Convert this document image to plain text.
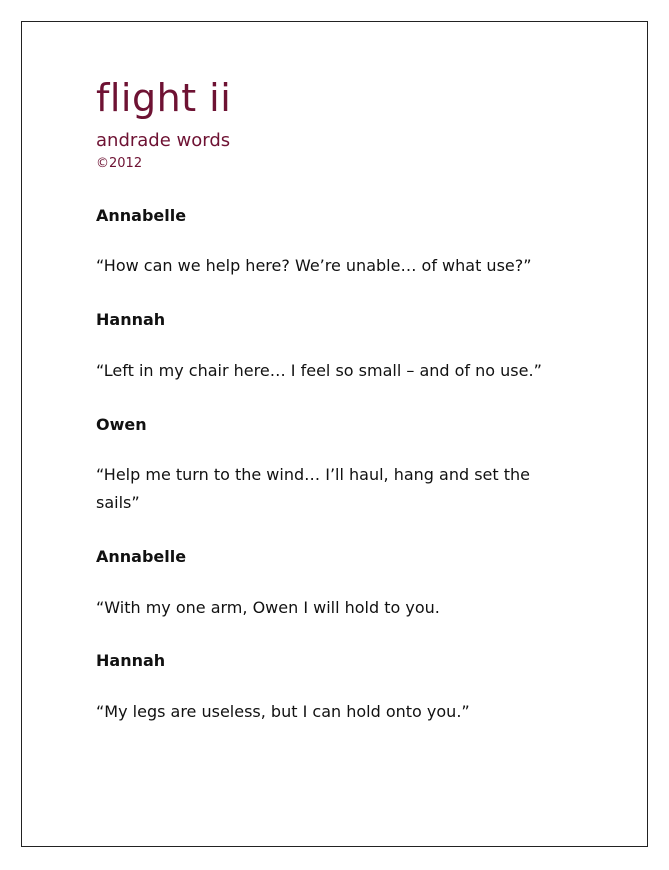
flight ii
andrade words
©2012
Annabelle
“How can we help here? We’re unable… of what use?”
Hannah
“Left in my chair here… I feel so small – and of no use.”
Owen
“Help me turn to the wind… I’ll haul, hang and set the sails”
Annabelle
“With my one arm, Owen I will hold to you.
Hannah
“My legs are useless, but I can hold onto you.”
